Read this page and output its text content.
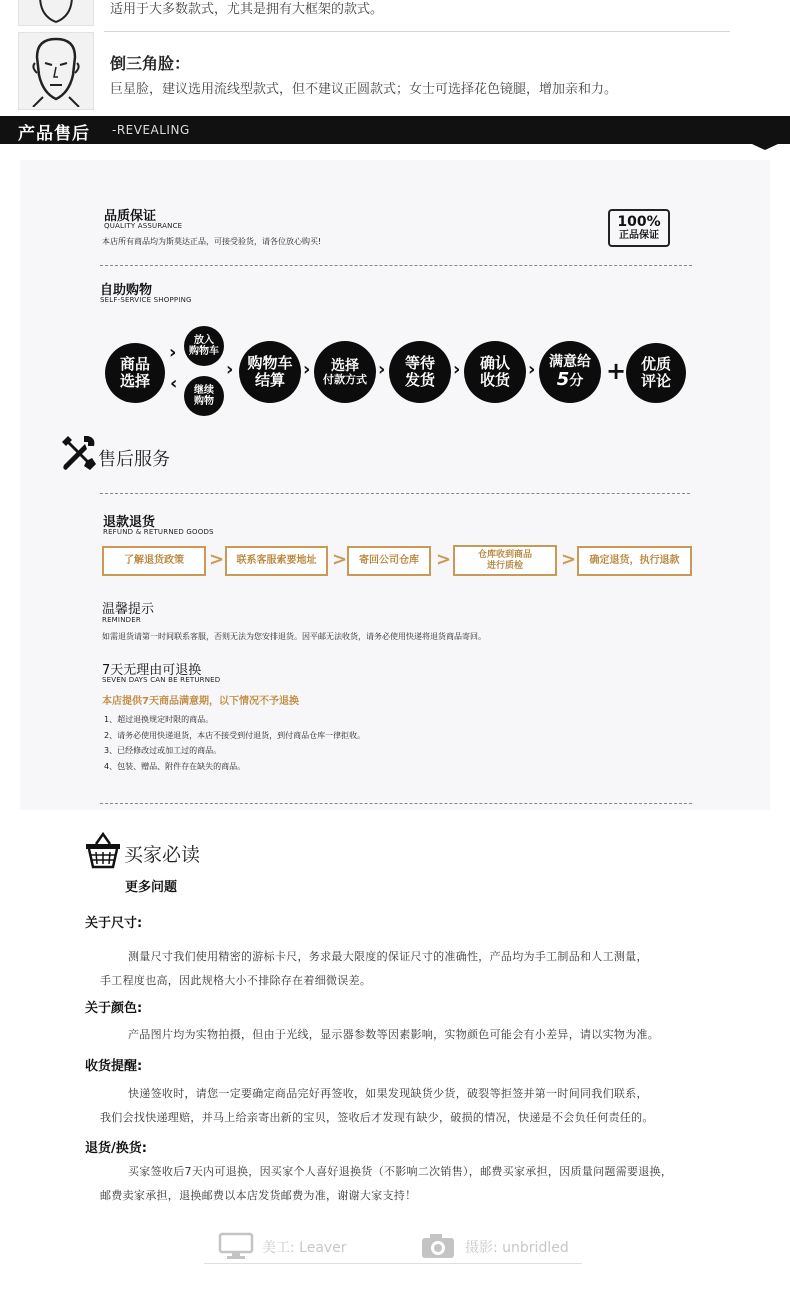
适用于大多数款式，尤其是拥有大框架的款式。
倒三角脸：
巨星脸，建议选用流线型款式，但不建议正圆款式；女士可选择花色镜腿，增加亲和力。
产品售后 -REVEALING
品质保证
QUALITY ASSURANCE
本店所有商品均为斯莫达正品，可接受验货，请各位放心购买!
100%
正品保证
自助购物
SELF-SERVICE SHOPPING
商品
选择
›
‹
放入
购物车
继续
购物
› 购物车
结算 › 选择
付款方式 › 等待
发货 › 确认
收货 › 满意给
5分 + 优质
评论
售后服务
退款退货
REFUND & RETURNED GOODS
了解退货政策	>	联系客服索要地址 >	寄回公司仓库 >	仓库收到商品
进行质检 >	确定退货，执行退款
温馨提示
REMINDER
如需退货请第一时间联系客服，否则无法为您安排退货。因平邮无法收货，请务必使用快递将退货商品寄回。
7天无理由可退换
SEVEN DAYS CAN BE RETURNED
本店提供7天商品满意期，以下情况不予退换
1、超过退换规定时限的商品。
2、请务必使用快递退货，本店不接受到付退货，到付商品仓库一律拒收。
3、已经修改过或加工过的商品。
4、包装、赠品、附件存在缺失的商品。
买家必读
更多问题
关于尺寸:
测量尺寸我们使用精密的游标卡尺，务求最大限度的保证尺寸的准确性，产品均为手工制品和人工测量，
手工程度也高，因此规格大小不排除存在着细微误差。
关于颜色:
产品图片均为实物拍摄，但由于光线，显示器参数等因素影响，实物颜色可能会有小差异，请以实物为准。
收货提醒:
快递签收时，请您一定要确定商品完好再签收，如果发现缺货少货，破裂等拒签并第一时间同我们联系，
我们会找快递理赔，并马上给亲寄出新的宝贝，签收后才发现有缺少，破损的情况，快递是不会负任何责任的。
退货/换货:
买家签收后7天内可退换，因买家个人喜好退换货（不影响二次销售），邮费买家承担，因质量问题需要退换，
邮费卖家承担，退换邮费以本店发货邮费为准，谢谢大家支持！
美工: Leaver	摄影: unbridled
